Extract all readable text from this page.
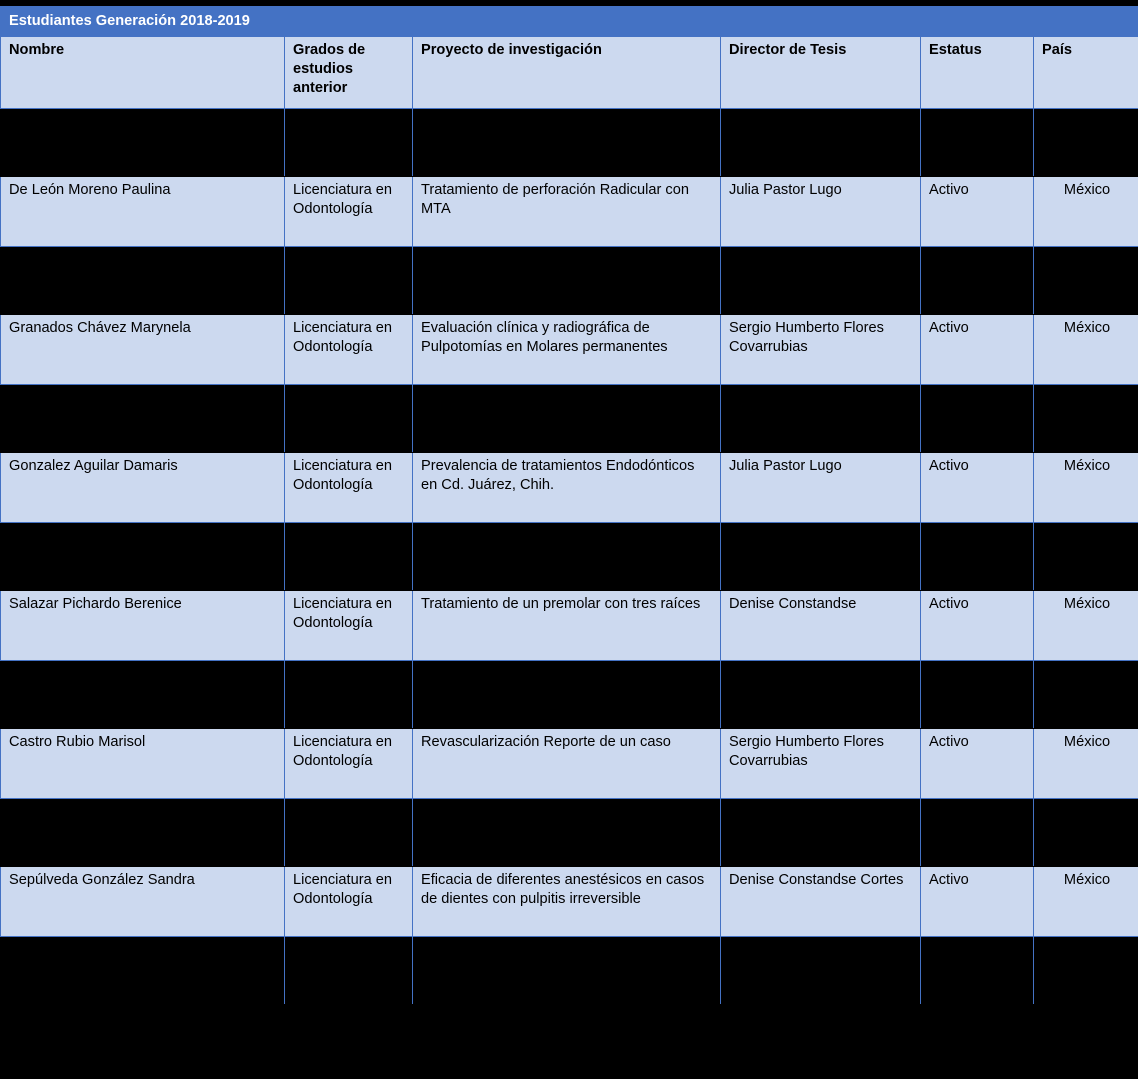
Estudiantes Generación 2018-2019					
Nombre	Grados de estudios anterior	Proyecto de investigación	Director de Tesis	Estatus	País

De León Moreno Paulina	Licenciatura en Odontología	Tratamiento de perforación Radicular con MTA	Julia Pastor Lugo	Activo	México

Granados Chávez Marynela	Licenciatura en Odontología	Evaluación clínica y radiográfica de Pulpotomías en Molares permanentes	Sergio Humberto Flores Covarrubias	Activo	México

Gonzalez Aguilar Damaris	Licenciatura en Odontología	Prevalencia de tratamientos Endodónticos en Cd. Juárez, Chih.	Julia Pastor Lugo	Activo	México

Salazar Pichardo Berenice	Licenciatura en Odontología	Tratamiento de un premolar con tres raíces	Denise Constandse	Activo	México

Castro Rubio Marisol	Licenciatura en Odontología	Revascularización Reporte de un caso	Sergio Humberto Flores Covarrubias	Activo	México

Sepúlveda González Sandra	Licenciatura en Odontología	Eficacia de diferentes anestésicos en casos de dientes con pulpitis irreversible	Denise Constandse Cortes	Activo	México
